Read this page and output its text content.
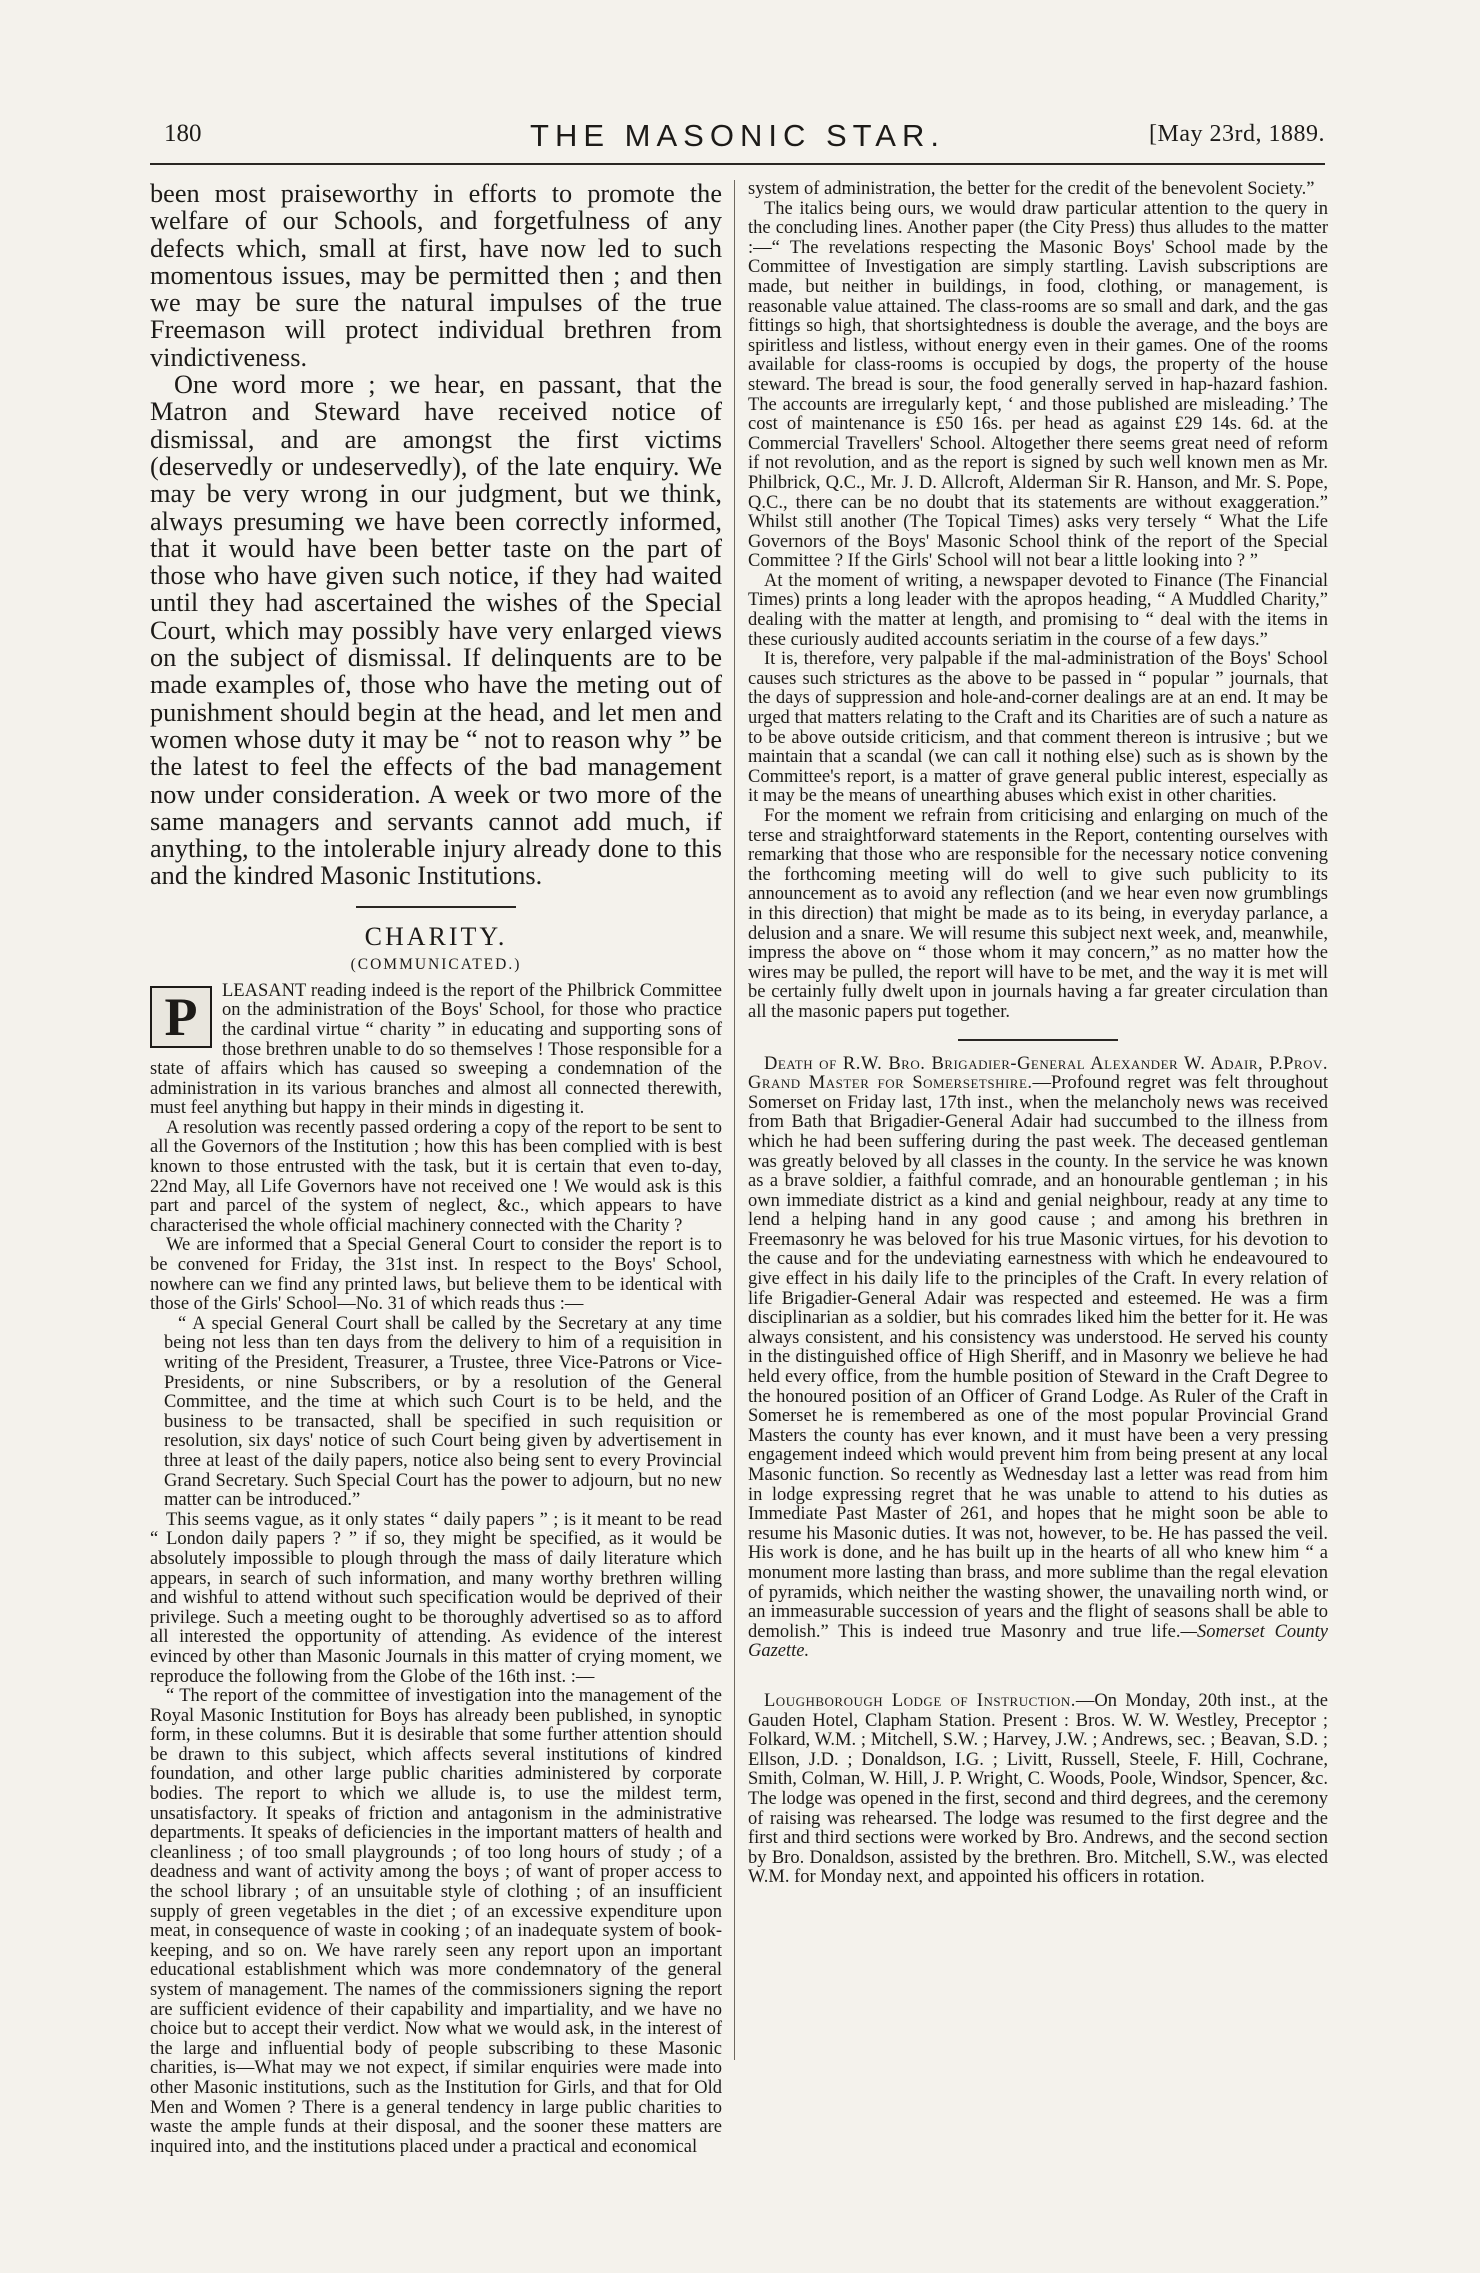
180	THE MASONIC STAR.	[May 23rd, 1889.

been most praiseworthy in efforts to promote the welfare of our Schools, and forgetfulness of any defects which, small at first, have now led to such momentous issues, may be permitted then ; and then we may be sure the natural impulses of the true Freemason will protect individual brethren from vindictiveness.

One word more ; we hear, en passant, that the Matron and Steward have received notice of dismissal, and are amongst the first victims (deservedly or undeservedly), of the late enquiry. We may be very wrong in our judgment, but we think, always presuming we have been correctly informed, that it would have been better taste on the part of those who have given such notice, if they had waited until they had ascertained the wishes of the Special Court, which may possibly have very enlarged views on the subject of dismissal. If delinquents are to be made examples of, those who have the meting out of punishment should begin at the head, and let men and women whose duty it may be “ not to reason why ” be the latest to feel the effects of the bad management now under consideration. A week or two more of the same managers and servants cannot add much, if anything, to the intolerable injury already done to this and the kindred Masonic Institutions.

CHARITY.
(COMMUNICATED.)

P	LEASANT reading indeed is the report of the Philbrick Committee on the administration of the Boys' School, for those who practice the cardinal virtue “ charity ” in educating and supporting sons of those brethren unable to do so themselves ! Those responsible for a state of affairs which has caused so sweeping a condemnation of the administration in its various branches and almost all connected therewith, must feel anything but happy in their minds in digesting it.

A resolution was recently passed ordering a copy of the report to be sent to all the Governors of the Institution ; how this has been complied with is best known to those entrusted with the task, but it is certain that even to-day, 22nd May, all Life Governors have not received one ! We would ask is this part and parcel of the system of neglect, &c., which appears to have characterised the whole official machinery connected with the Charity ?

We are informed that a Special General Court to consider the report is to be convened for Friday, the 31st inst. In respect to the Boys' School, nowhere can we find any printed laws, but believe them to be identical with those of the Girls' School—No. 31 of which reads thus :—

“ A special General Court shall be called by the Secretary at any time being not less than ten days from the delivery to him of a requisition in writing of the President, Treasurer, a Trustee, three Vice-Patrons or Vice-Presidents, or nine Subscribers, or by a resolution of the General Committee, and the time at which such Court is to be held, and the business to be transacted, shall be specified in such requisition or resolution, six days' notice of such Court being given by advertisement in three at least of the daily papers, notice also being sent to every Provincial Grand Secretary. Such Special Court has the power to adjourn, but no new matter can be introduced.”

This seems vague, as it only states “ daily papers ” ; is it meant to be read “ London daily papers ? ” if so, they might be specified, as it would be absolutely impossible to plough through the mass of daily literature which appears, in search of such information, and many worthy brethren willing and wishful to attend without such specification would be deprived of their privilege. Such a meeting ought to be thoroughly advertised so as to afford all interested the opportunity of attending. As evidence of the interest evinced by other than Masonic Journals in this matter of crying moment, we reproduce the following from the Globe of the 16th inst. :—

“ The report of the committee of investigation into the management of the Royal Masonic Institution for Boys has already been published, in synoptic form, in these columns. But it is desirable that some further attention should be drawn to this subject, which affects several institutions of kindred foundation, and other large public charities administered by corporate bodies. The report to which we allude is, to use the mildest term, unsatisfactory. It speaks of friction and antagonism in the administrative departments. It speaks of deficiencies in the important matters of health and cleanliness ; of too small playgrounds ; of too long hours of study ; of a deadness and want of activity among the boys ; of want of proper access to the school library ; of an unsuitable style of clothing ; of an insufficient supply of green vegetables in the diet ; of an excessive expenditure upon meat, in consequence of waste in cooking ; of an inadequate system of book-keeping, and so on. We have rarely seen any report upon an important educational establishment which was more condemnatory of the general system of management. The names of the commissioners signing the report are sufficient evidence of their capability and impartiality, and we have no choice but to accept their verdict. Now what we would ask, in the interest of the large and influential body of people subscribing to these Masonic charities, is—What may we not expect, if similar enquiries were made into other Masonic institutions, such as the Institution for Girls, and that for Old Men and Women ? There is a general tendency in large public charities to waste the ample funds at their disposal, and the sooner these matters are inquired into, and the institutions placed under a practical and economical

system of administration, the better for the credit of the benevolent Society.”

The italics being ours, we would draw particular attention to the query in the concluding lines. Another paper (the City Press) thus alludes to the matter :—“ The revelations respecting the Masonic Boys' School made by the Committee of Investigation are simply startling. Lavish subscriptions are made, but neither in buildings, in food, clothing, or management, is reasonable value attained. The class-rooms are so small and dark, and the gas fittings so high, that shortsightedness is double the average, and the boys are spiritless and listless, without energy even in their games. One of the rooms available for class-rooms is occupied by dogs, the property of the house steward. The bread is sour, the food generally served in hap-hazard fashion. The accounts are irregularly kept, ‘ and those published are misleading.’ The cost of maintenance is £50 16s. per head as against £29 14s. 6d. at the Commercial Travellers' School. Altogether there seems great need of reform if not revolution, and as the report is signed by such well known men as Mr. Philbrick, Q.C., Mr. J. D. Allcroft, Alderman Sir R. Hanson, and Mr. S. Pope, Q.C., there can be no doubt that its statements are without exaggeration.” Whilst still another (The Topical Times) asks very tersely “ What the Life Governors of the Boys' Masonic School think of the report of the Special Committee ? If the Girls' School will not bear a little looking into ? ”

At the moment of writing, a newspaper devoted to Finance (The Financial Times) prints a long leader with the apropos heading, “ A Muddled Charity,” dealing with the matter at length, and promising to “ deal with the items in these curiously audited accounts seriatim in the course of a few days.”

It is, therefore, very palpable if the mal-administration of the Boys' School causes such strictures as the above to be passed in “ popular ” journals, that the days of suppression and hole-and-corner dealings are at an end. It may be urged that matters relating to the Craft and its Charities are of such a nature as to be above outside criticism, and that comment thereon is intrusive ; but we maintain that a scandal (we can call it nothing else) such as is shown by the Committee's report, is a matter of grave general public interest, especially as it may be the means of unearthing abuses which exist in other charities.

For the moment we refrain from criticising and enlarging on much of the terse and straightforward statements in the Report, contenting ourselves with remarking that those who are responsible for the necessary notice convening the forthcoming meeting will do well to give such publicity to its announcement as to avoid any reflection (and we hear even now grumblings in this direction) that might be made as to its being, in everyday parlance, a delusion and a snare. We will resume this subject next week, and, meanwhile, impress the above on “ those whom it may concern,” as no matter how the wires may be pulled, the report will have to be met, and the way it is met will be certainly fully dwelt upon in journals having a far greater circulation than all the masonic papers put together.

Death of R.W. Bro. Brigadier-General Alexander W. Adair, P.Prov. Grand Master for Somersetshire.—Profound regret was felt throughout Somerset on Friday last, 17th inst., when the melancholy news was received from Bath that Brigadier-General Adair had succumbed to the illness from which he had been suffering during the past week. The deceased gentleman was greatly beloved by all classes in the county. In the service he was known as a brave soldier, a faithful comrade, and an honourable gentleman ; in his own immediate district as a kind and genial neighbour, ready at any time to lend a helping hand in any good cause ; and among his brethren in Freemasonry he was beloved for his true Masonic virtues, for his devotion to the cause and for the undeviating earnestness with which he endeavoured to give effect in his daily life to the principles of the Craft. In every relation of life Brigadier-General Adair was respected and esteemed. He was a firm disciplinarian as a soldier, but his comrades liked him the better for it. He was always consistent, and his consistency was understood. He served his county in the distinguished office of High Sheriff, and in Masonry we believe he had held every office, from the humble position of Steward in the Craft Degree to the honoured position of an Officer of Grand Lodge. As Ruler of the Craft in Somerset he is remembered as one of the most popular Provincial Grand Masters the county has ever known, and it must have been a very pressing engagement indeed which would prevent him from being present at any local Masonic function. So recently as Wednesday last a letter was read from him in lodge expressing regret that he was unable to attend to his duties as Immediate Past Master of 261, and hopes that he might soon be able to resume his Masonic duties. It was not, however, to be. He has passed the veil. His work is done, and he has built up in the hearts of all who knew him “ a monument more lasting than brass, and more sublime than the regal elevation of pyramids, which neither the wasting shower, the unavailing north wind, or an immeasurable succession of years and the flight of seasons shall be able to demolish.” This is indeed true Masonry and true life.—Somerset County Gazette.

Loughborough Lodge of Instruction.—On Monday, 20th inst., at the Gauden Hotel, Clapham Station. Present : Bros. W. W. Westley, Preceptor ; Folkard, W.M. ; Mitchell, S.W. ; Harvey, J.W. ; Andrews, sec. ; Beavan, S.D. ; Ellson, J.D. ; Donaldson, I.G. ; Livitt, Russell, Steele, F. Hill, Cochrane, Smith, Colman, W. Hill, J. P. Wright, C. Woods, Poole, Windsor, Spencer, &c. The lodge was opened in the first, second and third degrees, and the ceremony of raising was rehearsed. The lodge was resumed to the first degree and the first and third sections were worked by Bro. Andrews, and the second section by Bro. Donaldson, assisted by the brethren. Bro. Mitchell, S.W., was elected W.M. for Monday next, and appointed his officers in rotation.
